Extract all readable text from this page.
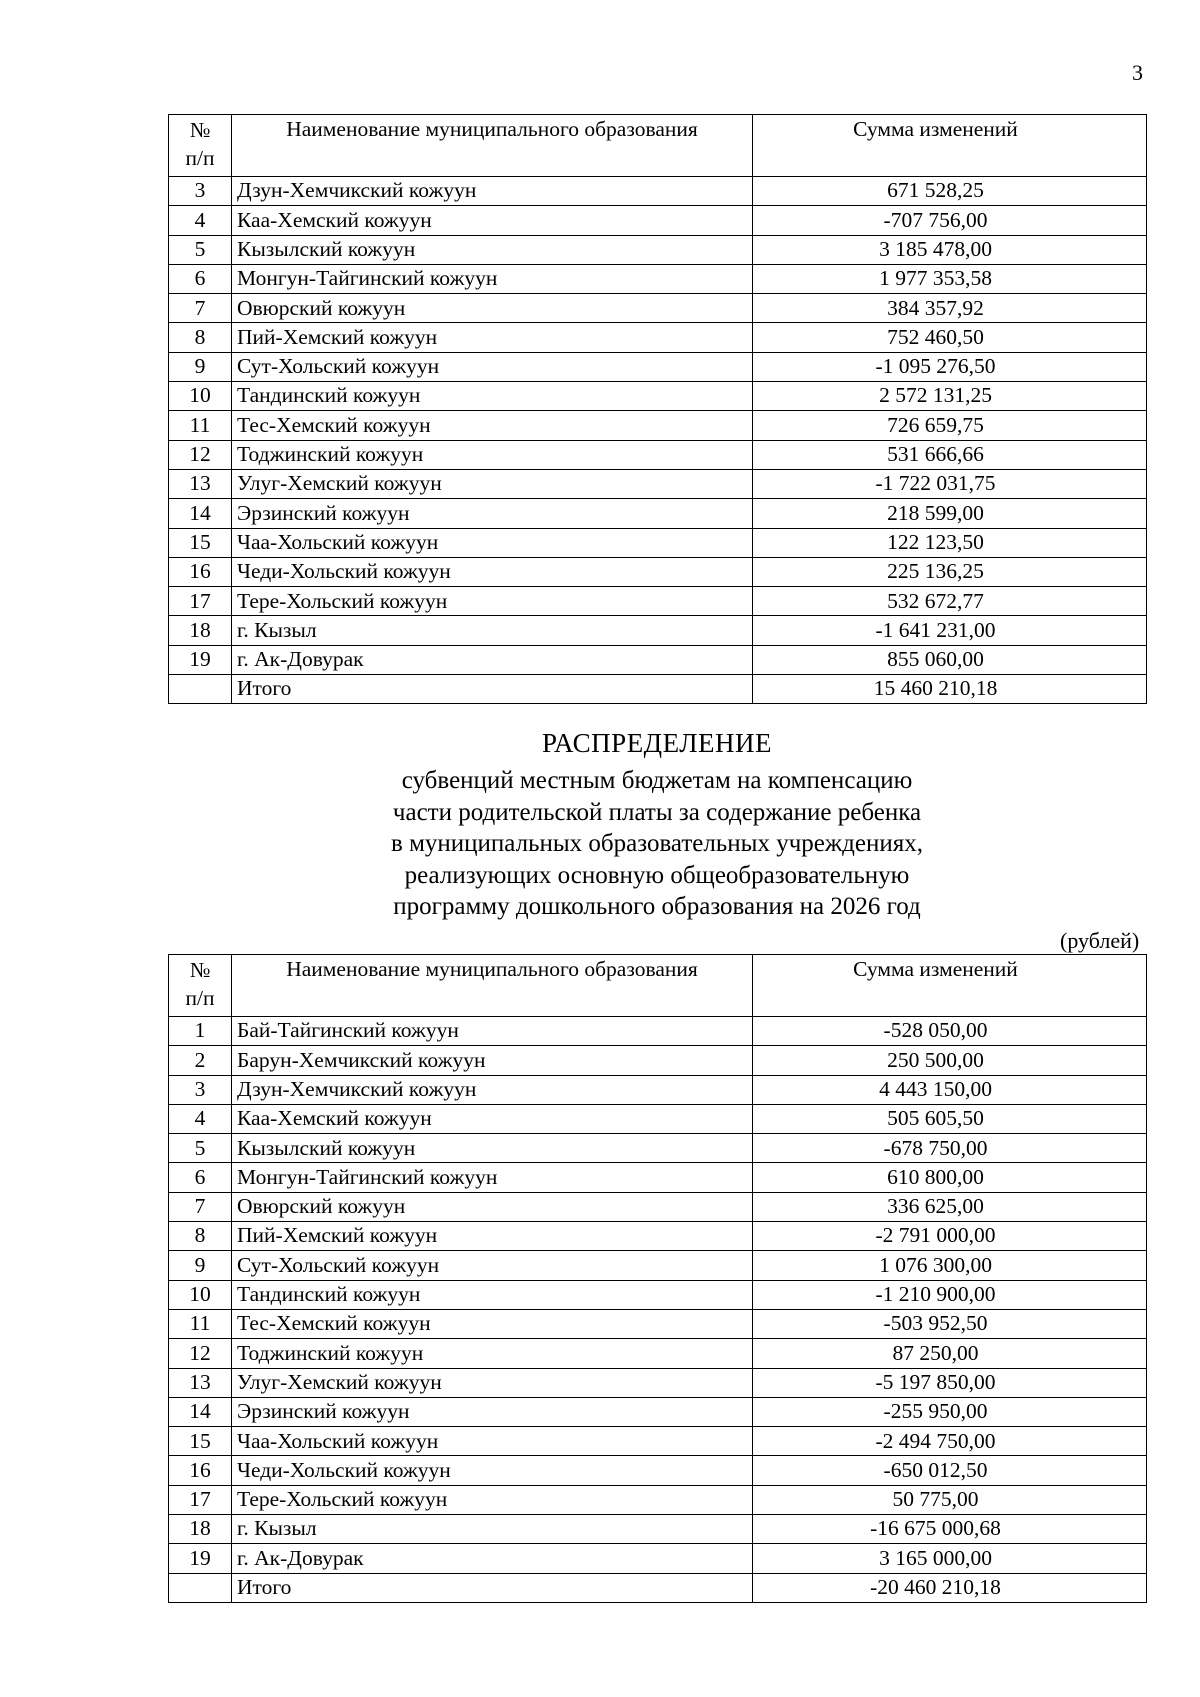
3
№
п/п	Наименование муниципального образования	Сумма изменений
3	Дзун-Хемчикский кожуун	671 528,25
4	Каа-Хемский кожуун	-707 756,00
5	Кызылский кожуун	3 185 478,00
6	Монгун-Тайгинский кожуун	1 977 353,58
7	Овюрский кожуун	384 357,92
8	Пий-Хемский кожуун	752 460,50
9	Сут-Хольский кожуун	-1 095 276,50
10	Тандинский кожуун	2 572 131,25
11	Тес-Хемский кожуун	726 659,75
12	Тоджинский кожуун	531 666,66
13	Улуг-Хемский кожуун	-1 722 031,75
14	Эрзинский кожуун	218 599,00
15	Чаа-Хольский кожуун	122 123,50
16	Чеди-Хольский кожуун	225 136,25
17	Тере-Хольский кожуун	532 672,77
18	г. Кызыл	-1 641 231,00
19	г. Ак-Довурак	855 060,00
	Итого	15 460 210,18
РАСПРЕДЕЛЕНИЕ
субвенций местным бюджетам на компенсацию
части родительской платы за содержание ребенка
в муниципальных образовательных учреждениях,
реализующих основную общеобразовательную
программу дошкольного образования на 2026 год
(рублей)
№
п/п	Наименование муниципального образования	Сумма изменений
1	Бай-Тайгинский кожуун	-528 050,00
2	Барун-Хемчикский кожуун	250 500,00
3	Дзун-Хемчикский кожуун	4 443 150,00
4	Каа-Хемский кожуун	505 605,50
5	Кызылский кожуун	-678 750,00
6	Монгун-Тайгинский кожуун	610 800,00
7	Овюрский кожуун	336 625,00
8	Пий-Хемский кожуун	-2 791 000,00
9	Сут-Хольский кожуун	1 076 300,00
10	Тандинский кожуун	-1 210 900,00
11	Тес-Хемский кожуун	-503 952,50
12	Тоджинский кожуун	87 250,00
13	Улуг-Хемский кожуун	-5 197 850,00
14	Эрзинский кожуун	-255 950,00
15	Чаа-Хольский кожуун	-2 494 750,00
16	Чеди-Хольский кожуун	-650 012,50
17	Тере-Хольский кожуун	50 775,00
18	г. Кызыл	-16 675 000,68
19	г. Ак-Довурак	3 165 000,00
	Итого	-20 460 210,18
